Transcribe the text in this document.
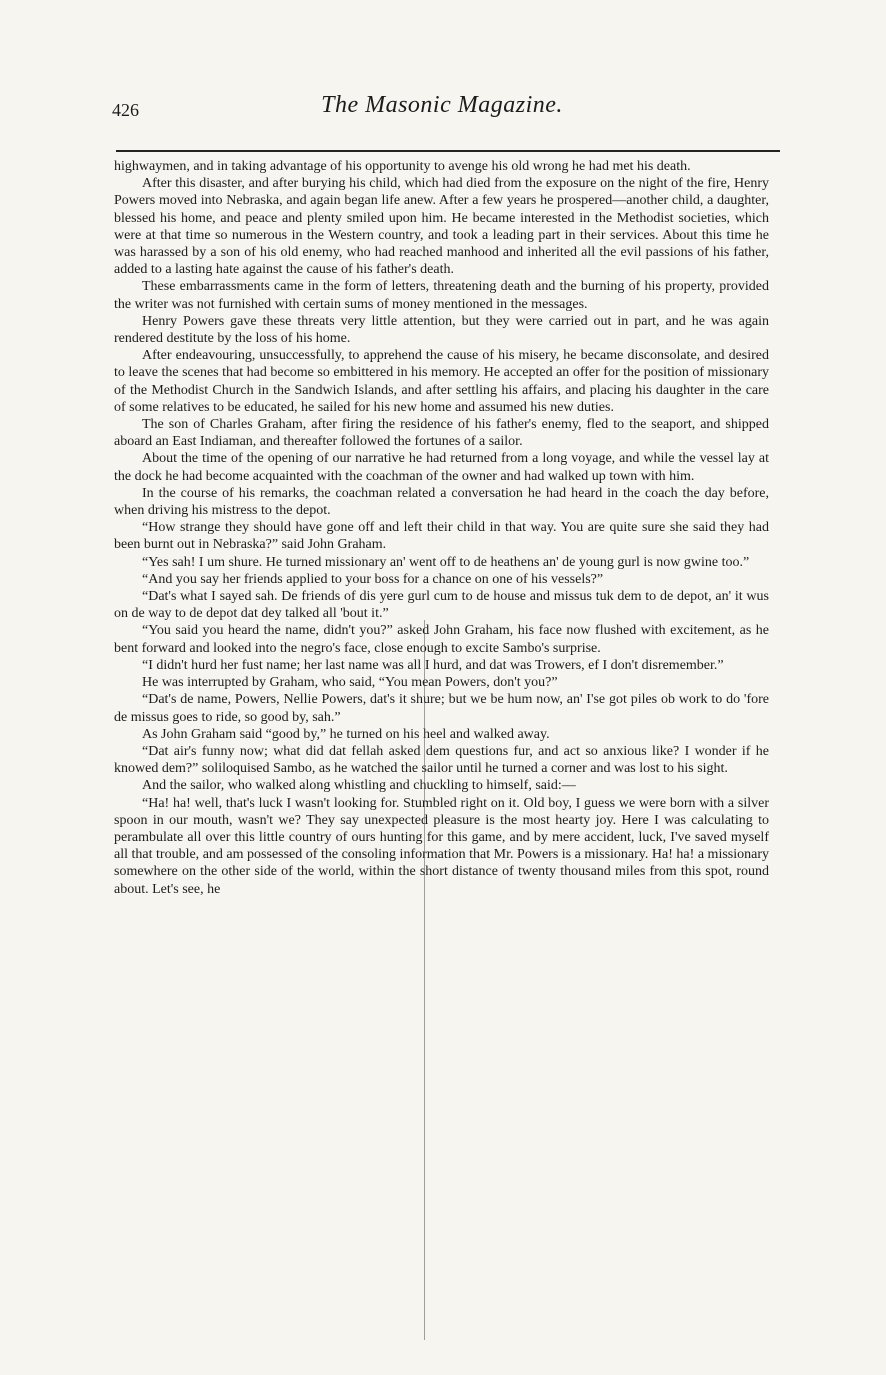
426	The Masonic Magazine.

highwaymen, and in taking advantage of his opportunity to avenge his old wrong he had met his death.

After this disaster, and after burying his child, which had died from the exposure on the night of the fire, Henry Powers moved into Nebraska, and again began life anew. After a few years he prospered—another child, a daughter, blessed his home, and peace and plenty smiled upon him. He became interested in the Methodist societies, which were at that time so numerous in the Western country, and took a leading part in their services. About this time he was harassed by a son of his old enemy, who had reached manhood and inherited all the evil passions of his father, added to a lasting hate against the cause of his father's death.

These embarrassments came in the form of letters, threatening death and the burning of his property, provided the writer was not furnished with certain sums of money mentioned in the messages.

Henry Powers gave these threats very little attention, but they were carried out in part, and he was again rendered destitute by the loss of his home.

After endeavouring, unsuccessfully, to apprehend the cause of his misery, he became disconsolate, and desired to leave the scenes that had become so embittered in his memory. He accepted an offer for the position of missionary of the Methodist Church in the Sandwich Islands, and after settling his affairs, and placing his daughter in the care of some relatives to be educated, he sailed for his new home and assumed his new duties.

The son of Charles Graham, after firing the residence of his father's enemy, fled to the seaport, and shipped aboard an East Indiaman, and thereafter followed the fortunes of a sailor.

About the time of the opening of our narrative he had returned from a long voyage, and while the vessel lay at the dock he had become acquainted with the coachman of the owner and had walked up town with him.

In the course of his remarks, the coachman related a conversation he had heard in the coach the day before, when driving his mistress to the depot.

“How strange they should have gone off and left their child in that way. You are quite sure she said they had been burnt out in Nebraska?” said John Graham.

“Yes sah! I um shure. He turned missionary an' went off to de heathens an' de young gurl is now gwine too.”

“And you say her friends applied to your boss for a chance on one of his vessels?”

“Dat's what I sayed sah. De friends of dis yere gurl cum to de house and missus tuk dem to de depot, an' it wus on de way to de depot dat dey talked all 'bout it.”

“You said you heard the name, didn't you?” asked John Graham, his face now flushed with excitement, as he bent forward and looked into the negro's face, close enough to excite Sambo's surprise.

“I didn't hurd her fust name; her last name was all I hurd, and dat was Trowers, ef I don't disremember.”

He was interrupted by Graham, who said, “You mean Powers, don't you?”

“Dat's de name, Powers, Nellie Powers, dat's it shure; but we be hum now, an' I'se got piles ob work to do 'fore de missus goes to ride, so good by, sah.”

As John Graham said “good by,” he turned on his heel and walked away.

“Dat air's funny now; what did dat fellah asked dem questions fur, and act so anxious like? I wonder if he knowed dem?” soliloquised Sambo, as he watched the sailor until he turned a corner and was lost to his sight.

And the sailor, who walked along whistling and chuckling to himself, said:—

“Ha! ha! well, that's luck I wasn't looking for. Stumbled right on it. Old boy, I guess we were born with a silver spoon in our mouth, wasn't we? They say unexpected pleasure is the most hearty joy. Here I was calculating to perambulate all over this little country of ours hunting for this game, and by mere accident, luck, I've saved myself all that trouble, and am possessed of the consoling information that Mr. Powers is a missionary. Ha! ha! a missionary somewhere on the other side of the world, within the short distance of twenty thousand miles from this spot, round about. Let's see, he
